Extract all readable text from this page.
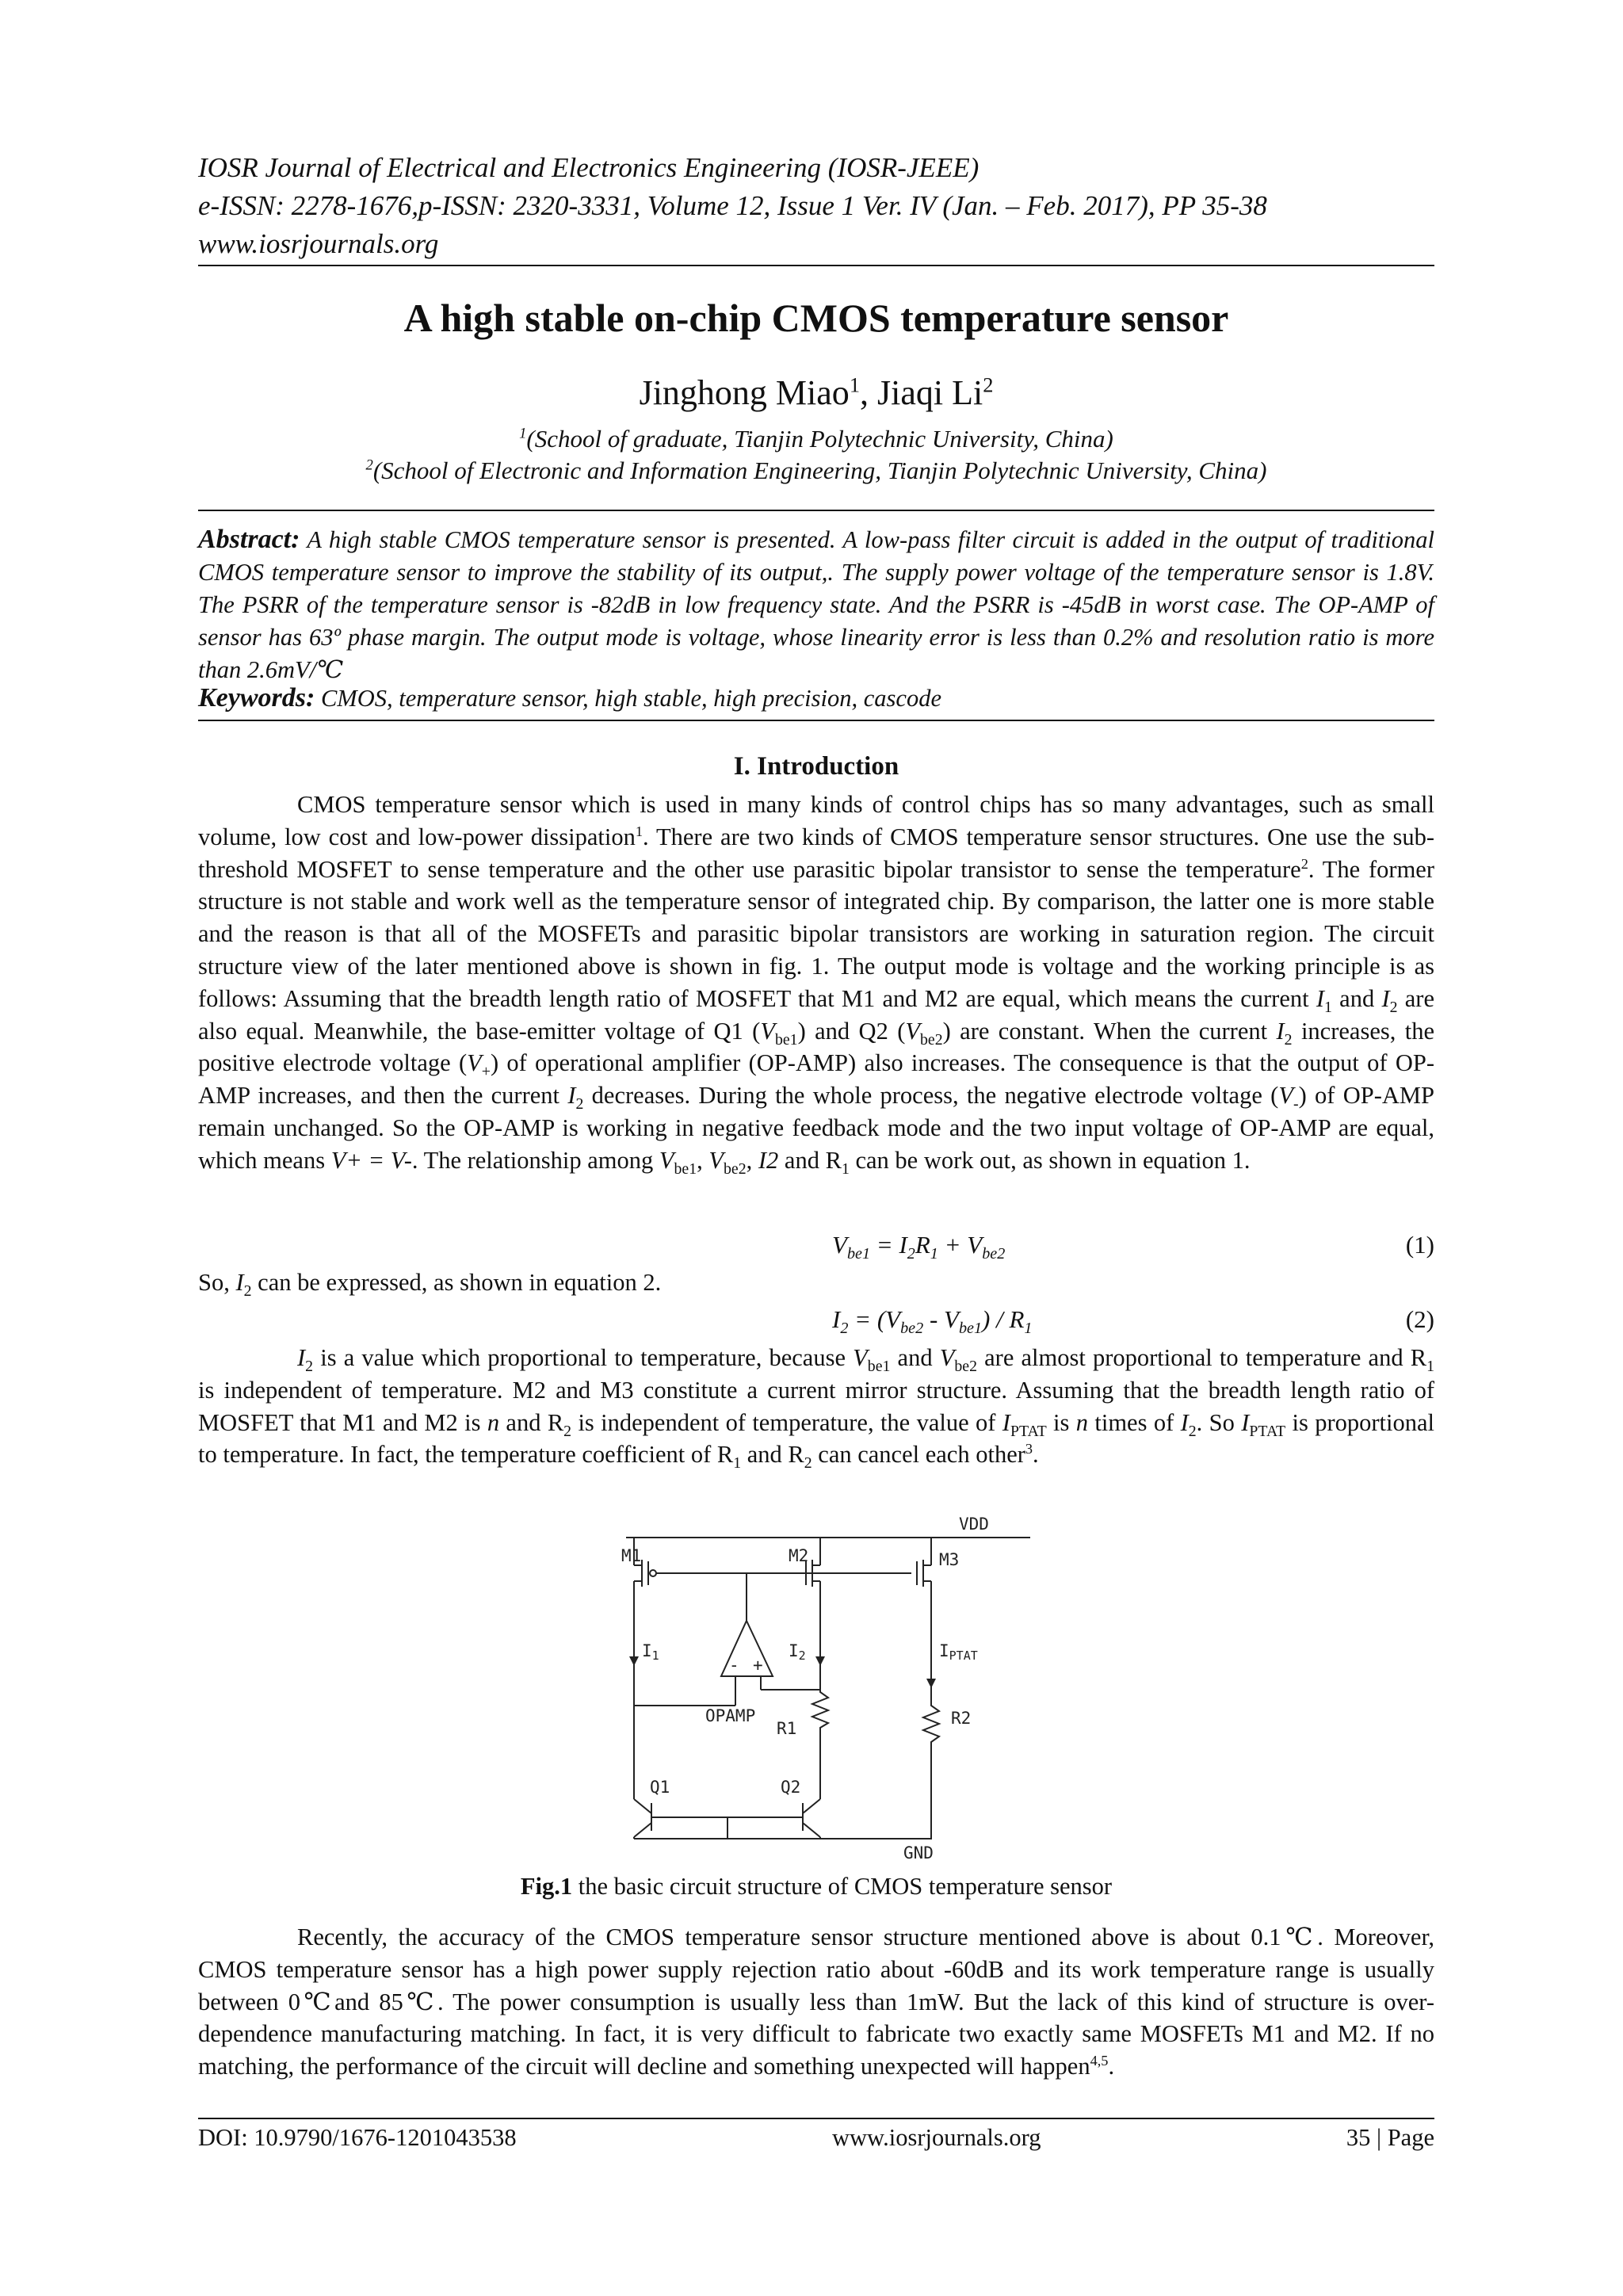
IOSR Journal of Electrical and Electronics Engineering (IOSR-JEEE)
e-ISSN: 2278-1676,p-ISSN: 2320-3331, Volume 12, Issue 1 Ver. IV (Jan. – Feb. 2017), PP 35-38
www.iosrjournals.org
A high stable on-chip CMOS temperature sensor
Jinghong Miao$^1$, Jiaqi Li$^2$
$^1$(School of graduate, Tianjin Polytechnic University, China)
$^2$(School of Electronic and Information Engineering, Tianjin Polytechnic University, China)
Abstract: A high stable CMOS temperature sensor is presented. A low-pass filter circuit is added in the output of traditional CMOS temperature sensor to improve the stability of its output,. The supply power voltage of the temperature sensor is 1.8V. The PSRR of the temperature sensor is -82dB in low frequency state. And the PSRR is -45dB in worst case. The OP-AMP of sensor has 63º phase margin. The output mode is voltage, whose linearity error is less than 0.2% and resolution ratio is more than 2.6mV/℃
Keywords: CMOS, temperature sensor, high stable, high precision, cascode
I. Introduction

CMOS temperature sensor which is used in many kinds of control chips has so many advantages, such as small volume, low cost and low-power dissipation$^1$. There are two kinds of CMOS temperature sensor structures. One use the sub-threshold MOSFET to sense temperature and the other use parasitic bipolar transistor to sense the temperature$^2$. The former structure is not stable and work well as the temperature sensor of integrated chip. By comparison, the latter one is more stable and the reason is that all of the MOSFETs and parasitic bipolar transistors are working in saturation region. The circuit structure view of the later mentioned above is shown in fig. 1. The output mode is voltage and the working principle is as follows: Assuming that the breadth length ratio of MOSFET that M1 and M2 are equal, which means the current $I_1$ and $I_2$ are also equal. Meanwhile, the base-emitter voltage of Q1 $(V_{be1})$ and Q2 $(V_{be2})$ are constant. When the current $I_2$ increases, the positive electrode voltage $(V_+)$ of operational amplifier (OP-AMP) also increases. The consequence is that the output of OP-AMP increases, and then the current $I_2$ decreases. During the whole process, the negative electrode voltage $(V_-)$ of OP-AMP remain unchanged. So the OP-AMP is working in negative feedback mode and the two input voltage of OP-AMP are equal, which means V+ = V-. The relationship among $V_{be1}$, $V_{be2}$, I2 and $R_1$ can be work out, as shown in equation 1.

$V_{be1} = I_2R_1 + V_{be2}$	(1)
So, $I_2$ can be expressed, as shown in equation 2.
$I_2 = (V_{be2} - V_{be1}) / R_1$	(2)

$I_2$ is a value which proportional to temperature, because $V_{be1}$ and $V_{be2}$ are almost proportional to temperature and $R_1$ is independent of temperature. M2 and M3 constitute a current mirror structure. Assuming that the breadth length ratio of MOSFET that M1 and M2 is n and $R_2$ is independent of temperature, the value of $I_{PTAT}$ is n times of $I_2$. So $I_{PTAT}$ is proportional to temperature. In fact, the temperature coefficient of $R_1$ and $R_2$ can cancel each other$^3$.

VDD
M1	M2	M3
I1	I2	IPTAT
- +
OPAMP
R1
R2
Q1	Q2
GND
Fig.1 the basic circuit structure of CMOS temperature sensor

Recently, the accuracy of the CMOS temperature sensor structure mentioned above is about 0.1℃. Moreover, CMOS temperature sensor has a high power supply rejection ratio about -60dB and its work temperature range is usually between 0℃and 85℃. The power consumption is usually less than 1mW. But the lack of this kind of structure is over-dependence manufacturing matching. In fact, it is very difficult to fabricate two exactly same MOSFETs M1 and M2. If no matching, the performance of the circuit will decline and something unexpected will happen$^{4,5}$.

DOI: 10.9790/1676-1201043538	www.iosrjournals.org	35 | Page
